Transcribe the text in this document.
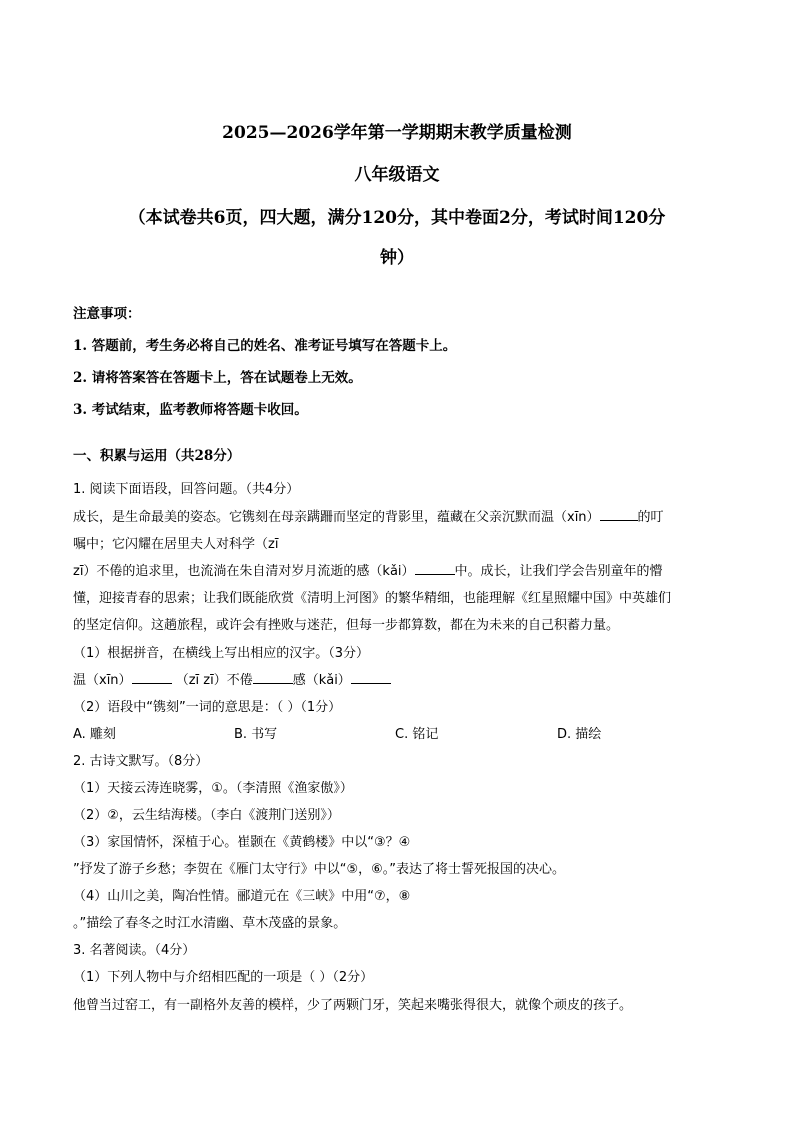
2025—2026学年第一学期期末教学质量检测
八年级语文
（本试卷共6页，四大题，满分120分，其中卷面2分，考试时间120分
钟）
注意事项：
1. 答题前，考生务必将自己的姓名、准考证号填写在答题卡上。
2. 请将答案答在答题卡上，答在试题卷上无效。
3. 考试结束，监考教师将答题卡收回。
一、积累与运用（共28分）
1. 阅读下面语段，回答问题。（共4分）
成长，是生命最美的姿态。它镌刻在母亲蹒跚而坚定的背影里，蕴藏在父亲沉默而温（xīn）	的叮
嘱中；它闪耀在居里夫人对科学（zī
zī）不倦的追求里，也流淌在朱自清对岁月流逝的感（kǎi）	中。成长，让我们学会告别童年的懵
懂，迎接青春的思索；让我们既能欣赏《清明上河图》的繁华精细，也能理解《红星照耀中国》中英雄们
的坚定信仰。这趟旅程，或许会有挫败与迷茫，但每一步都算数，都在为未来的自己积蓄力量。
（1）根据拼音，在横线上写出相应的汉字。（3分）
温（xīn）	（zī zī）不倦	感（kǎi）
（2）语段中“镌刻”一词的意思是：（ ）（1分）
A. 雕刻	B. 书写	C. 铭记	D. 描绘
2. 古诗文默写。（8分）
（1）天接云涛连晓雾，①。（李清照《渔家傲》）
（2）②，云生结海楼。（李白《渡荆门送别》）
（3）家国情怀，深植于心。崔颢在《黄鹤楼》中以“③？④
”抒发了游子乡愁；李贺在《雁门太守行》中以“⑤，⑥。”表达了将士誓死报国的决心。
（4）山川之美，陶冶性情。郦道元在《三峡》中用“⑦，⑧
。”描绘了春冬之时江水清幽、草木茂盛的景象。
3. 名著阅读。（4分）
（1）下列人物中与介绍相匹配的一项是（ ）（2分）
他曾当过窑工，有一副格外友善的模样，少了两颗门牙，笑起来嘴张得很大，就像个顽皮的孩子。
